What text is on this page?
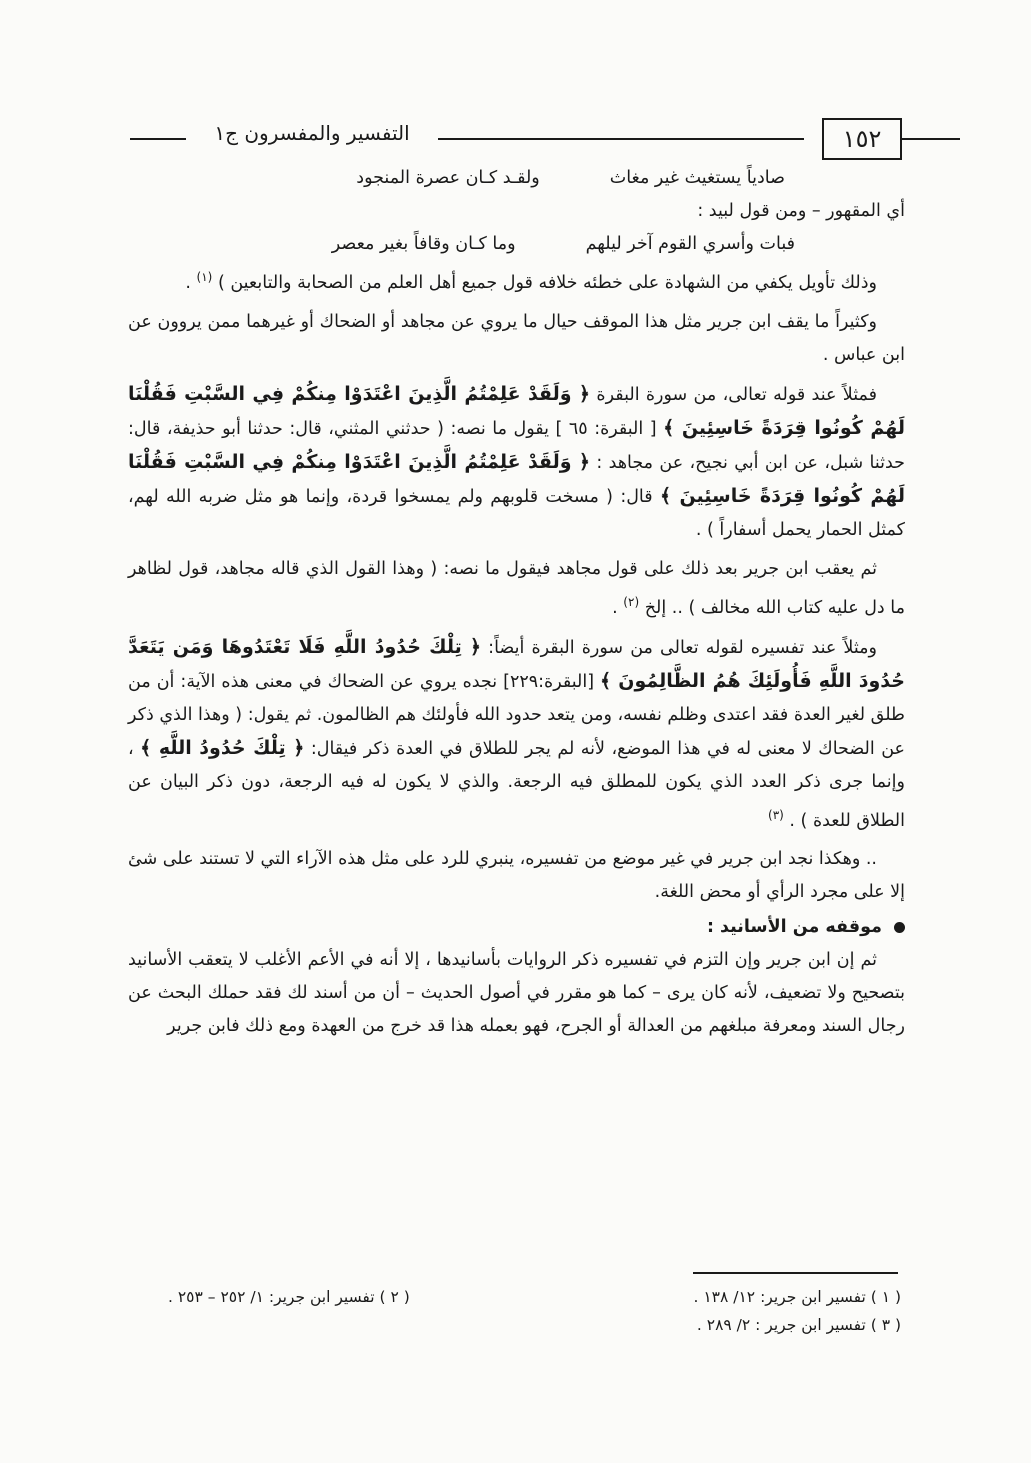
التفسير والمفسرون ج١	١٥٢
صادياً يستغيث غير مغاث
ولقـد كـان عصرة المنجود

أي المقهور – ومن قول لبيد :

فبات وأسري القوم آخر ليلهم
وما كـان وقافاً بغير معصر

وذلك تأويل يكفي من الشهادة على خطئه خلافه قول جميع أهل العلم من الصحابة والتابعين ) $^{(١)}$ .

وكثيراً ما يقف ابن جرير مثل هذا الموقف حيال ما يروي عن مجاهد أو الضحاك أو غيرهما ممن يروون عن ابن عباس .

فمثلاً عند قوله تعالى، من سورة البقرة ﴿ وَلَقَدْ عَلِمْتُمُ الَّذِينَ اعْتَدَوْا مِنكُمْ فِي السَّبْتِ فَقُلْنَا لَهُمْ كُونُوا قِرَدَةً خَاسِئِينَ ﴾ [ البقرة: ٦٥ ] يقول ما نصه: ( حدثني المثني، قال: حدثنا أبو حذيفة، قال: حدثنا شبل، عن ابن أبي نجيح، عن مجاهد : ﴿ وَلَقَدْ عَلِمْتُمُ الَّذِينَ اعْتَدَوْا مِنكُمْ فِي السَّبْتِ فَقُلْنَا لَهُمْ كُونُوا قِرَدَةً خَاسِئِينَ ﴾ قال: ( مسخت قلوبهم ولم يمسخوا قردة، وإنما هو مثل ضربه الله لهم، كمثل الحمار يحمل أسفاراً ) .

ثم يعقب ابن جرير بعد ذلك على قول مجاهد فيقول ما نصه: ( وهذا القول الذي قاله مجاهد، قول لظاهر ما دل عليه كتاب الله مخالف ) .. إلخ $^{(٢)}$ .

ومثلاً عند تفسيره لقوله تعالى من سورة البقرة أيضاً: ﴿ تِلْكَ حُدُودُ اللَّهِ فَلَا تَعْتَدُوهَا وَمَن يَتَعَدَّ حُدُودَ اللَّهِ فَأُولَئِكَ هُمُ الظَّالِمُونَ ﴾ [البقرة:٢٢٩] نجده يروي عن الضحاك في معنى هذه الآية: أن من طلق لغير العدة فقد اعتدى وظلم نفسه، ومن يتعد حدود الله فأولئك هم الظالمون. ثم يقول: ( وهذا الذي ذكر عن الضحاك لا معنى له في هذا الموضع، لأنه لم يجر للطلاق في العدة ذكر فيقال: ﴿ تِلْكَ حُدُودُ اللَّهِ ﴾ ، وإنما جرى ذكر العدد الذي يكون للمطلق فيه الرجعة. والذي لا يكون له فيه الرجعة، دون ذكر البيان عن الطلاق للعدة ) . $^{(٣)}$

.. وهكذا نجد ابن جرير في غير موضع من تفسيره، ينبري للرد على مثل هذه الآراء التي لا تستند على شئ إلا على مجرد الرأي أو محض اللغة.

موقفه من الأسانيد :

ثم إن ابن جرير وإن التزم في تفسيره ذكر الروايات بأسانيدها ، إلا أنه في الأعم الأغلب لا يتعقب الأسانيد بتصحيح ولا تضعيف، لأنه كان يرى – كما هو مقرر في أصول الحديث – أن من أسند لك فقد حملك البحث عن رجال السند ومعرفة مبلغهم من العدالة أو الجرح، فهو بعمله هذا قد خرج من العهدة ومع ذلك فابن جرير

( ١ ) تفسير ابن جرير: ١٢/ ١٣٨ .
( ٢ ) تفسير ابن جرير: ١/ ٢٥٢ – ٢٥٣ .
( ٣ ) تفسير ابن جرير : ٢/ ٢٨٩ .
